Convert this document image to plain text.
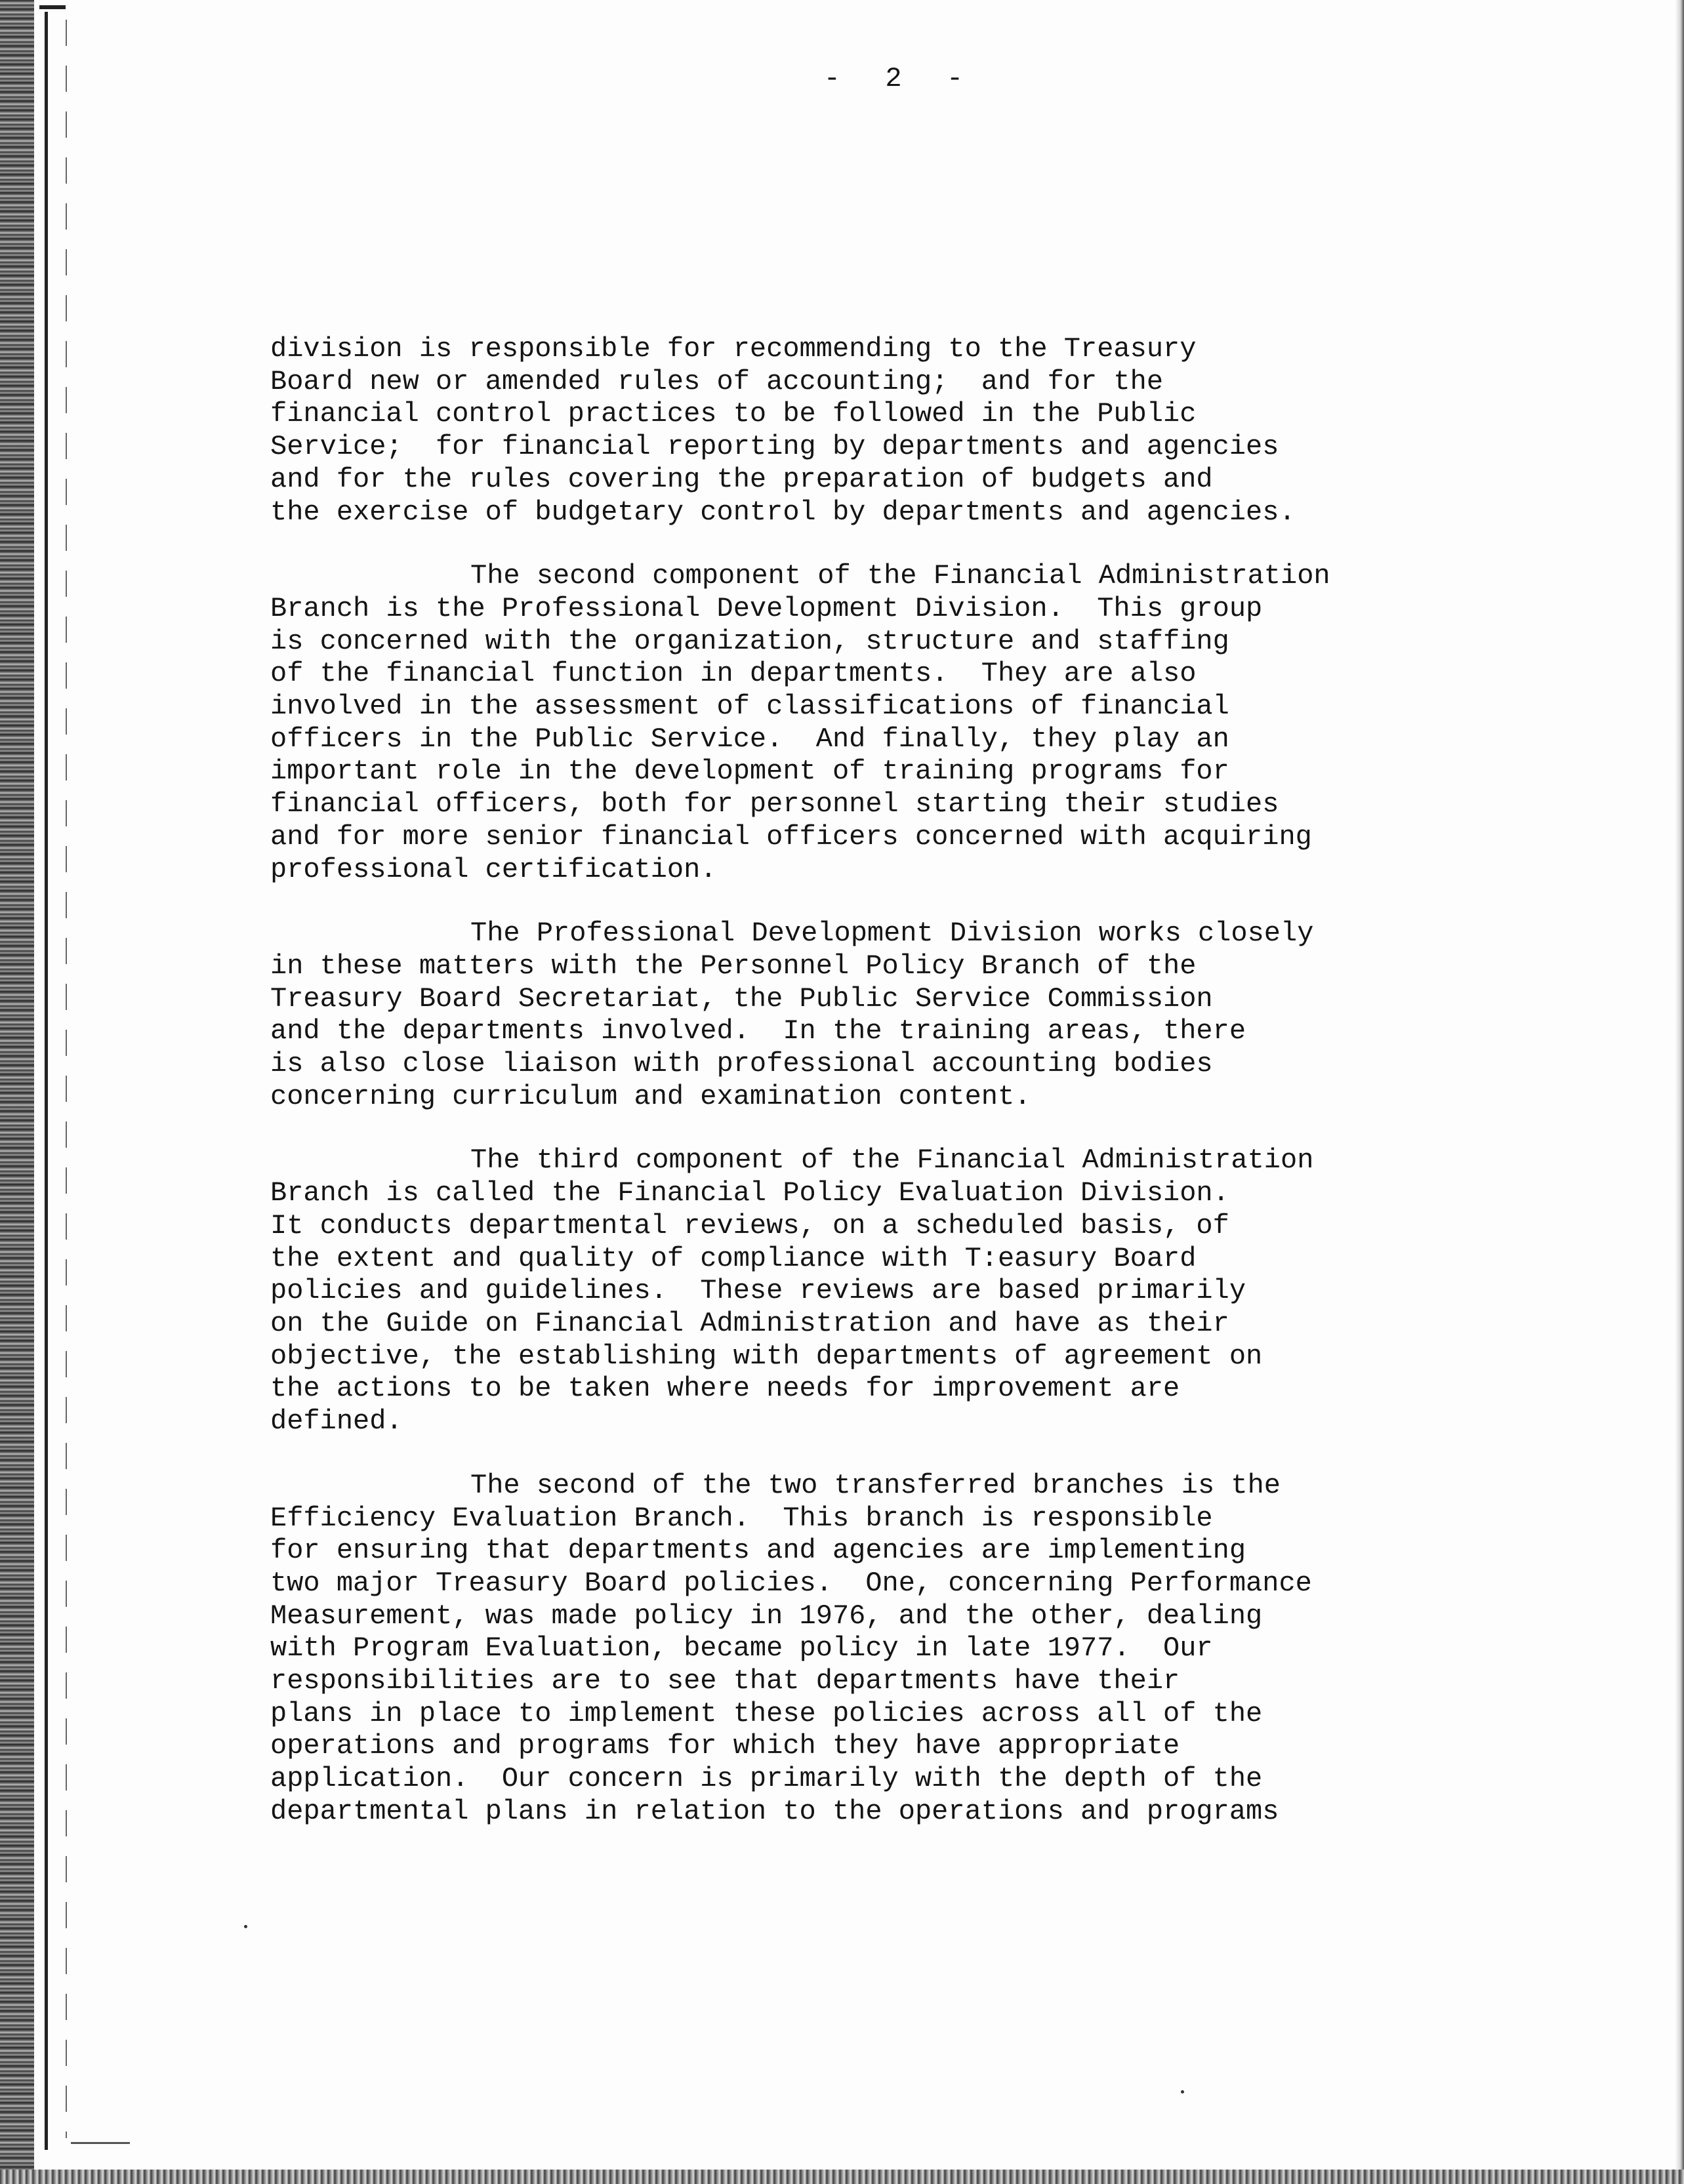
-  2  -
division is responsible for recommending to the Treasury
Board new or amended rules of accounting;  and for the
financial control practices to be followed in the Public
Service;  for financial reporting by departments and agencies
and for the rules covering the preparation of budgets and
the exercise of budgetary control by departments and agencies.
The second component of the Financial Administration
Branch is the Professional Development Division.  This group
is concerned with the organization, structure and staffing
of the financial function in departments.  They are also
involved in the assessment of classifications of financial
officers in the Public Service.  And finally, they play an
important role in the development of training programs for
financial officers, both for personnel starting their studies
and for more senior financial officers concerned with acquiring
professional certification.
The Professional Development Division works closely
in these matters with the Personnel Policy Branch of the
Treasury Board Secretariat, the Public Service Commission
and the departments involved.  In the training areas, there
is also close liaison with professional accounting bodies
concerning curriculum and examination content.
The third component of the Financial Administration
Branch is called the Financial Policy Evaluation Division.
It conducts departmental reviews, on a scheduled basis, of
the extent and quality of compliance with T:easury Board
policies and guidelines.  These reviews are based primarily
on the Guide on Financial Administration and have as their
objective, the establishing with departments of agreement on
the actions to be taken where needs for improvement are
defined.
The second of the two transferred branches is the
Efficiency Evaluation Branch.  This branch is responsible
for ensuring that departments and agencies are implementing
two major Treasury Board policies.  One, concerning Performance
Measurement, was made policy in 1976, and the other, dealing
with Program Evaluation, became policy in late 1977.  Our
responsibilities are to see that departments have their
plans in place to implement these policies across all of the
operations and programs for which they have appropriate
application.  Our concern is primarily with the depth of the
departmental plans in relation to the operations and programs
